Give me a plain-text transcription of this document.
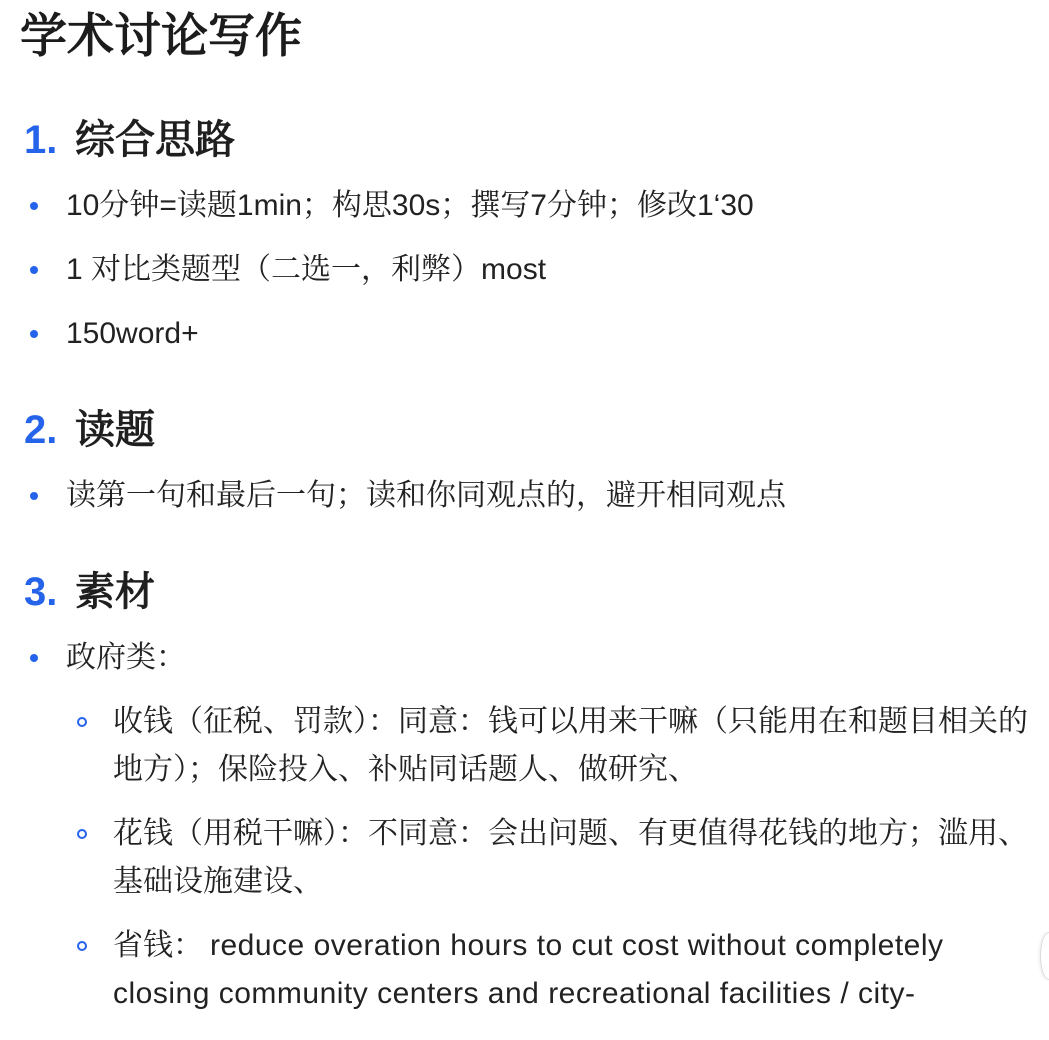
学术讨论写作
1. 综合思路
10分钟=读题1min；构思30s；撰写7分钟；修改1‘30
1 对比类题型（二选一，利弊）most
150word+
2. 读题
读第一句和最后一句；读和你同观点的，避开相同观点
3. 素材
政府类：
收钱（征税、罚款）：同意：钱可以用来干嘛（只能用在和题目相关的地方）；保险投入、补贴同话题人、做研究、
花钱（用税干嘛）：不同意：会出问题、有更值得花钱的地方；滥用、基础设施建设、
省钱： reduce overation hours to cut cost without completely closing community centers and recreational facilities / city-
